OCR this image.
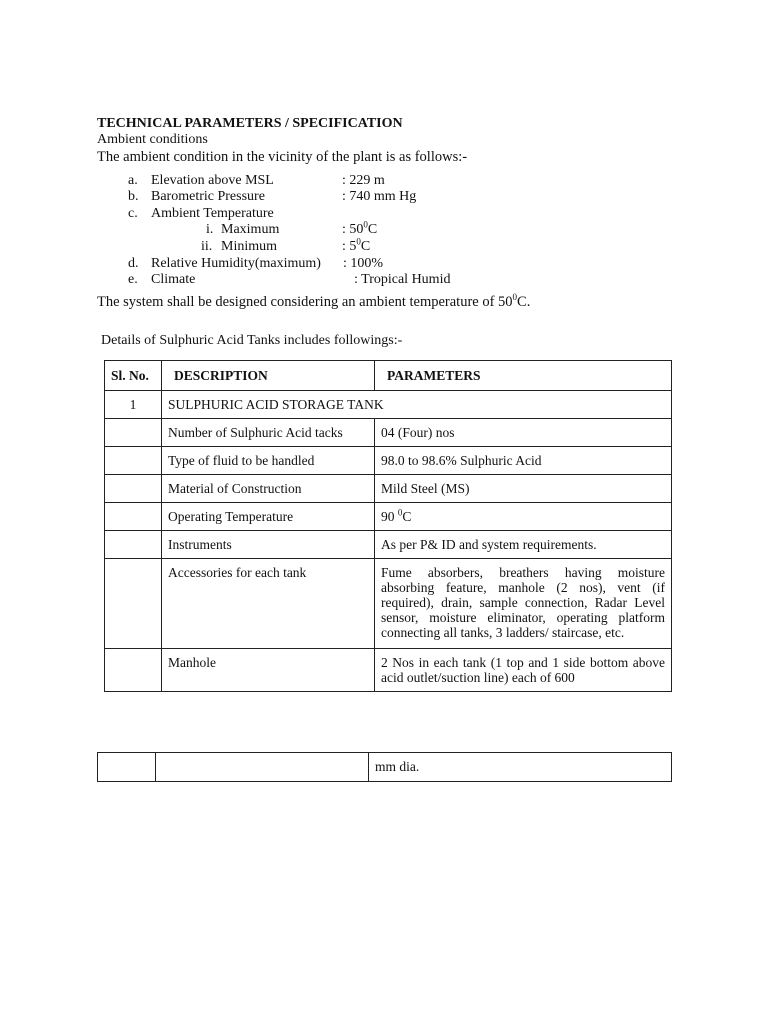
TECHNICAL PARAMETERS / SPECIFICATION
Ambient conditions
The ambient condition in the vicinity of the plant is as follows:-
a. Elevation above MSL	: 229 m
b. Barometric Pressure	: 740 mm Hg
c. Ambient Temperature
i. Maximum	: $50^0C$
ii. Minimum	: $5^0C$
d. Relative Humidity(maximum) : 100%
e. Climate	: Tropical Humid
The system shall be designed considering an ambient temperature of $50^0C$.
Details of Sulphuric Acid Tanks includes followings:-
Sl. No.	DESCRIPTION	PARAMETERS
1	SULPHURIC ACID STORAGE TANK	
	Number of Sulphuric Acid tacks	04 (Four) nos
	Type of fluid to be handled	98.0 to 98.6% Sulphuric Acid
	Material of Construction	Mild Steel (MS)
	Operating Temperature	90 $^0$C
	Instruments	As per P& ID and system requirements.
	Accessories for each tank	Fume absorbers, breathers having moisture absorbing feature, manhole (2 nos), vent (if required), drain, sample connection, Radar Level sensor, moisture eliminator, operating platform connecting all tanks, 3 ladders/ staircase, etc.
	Manhole	2 Nos in each tank (1 top and 1 side bottom above acid outlet/suction line) each of 600
		mm dia.
